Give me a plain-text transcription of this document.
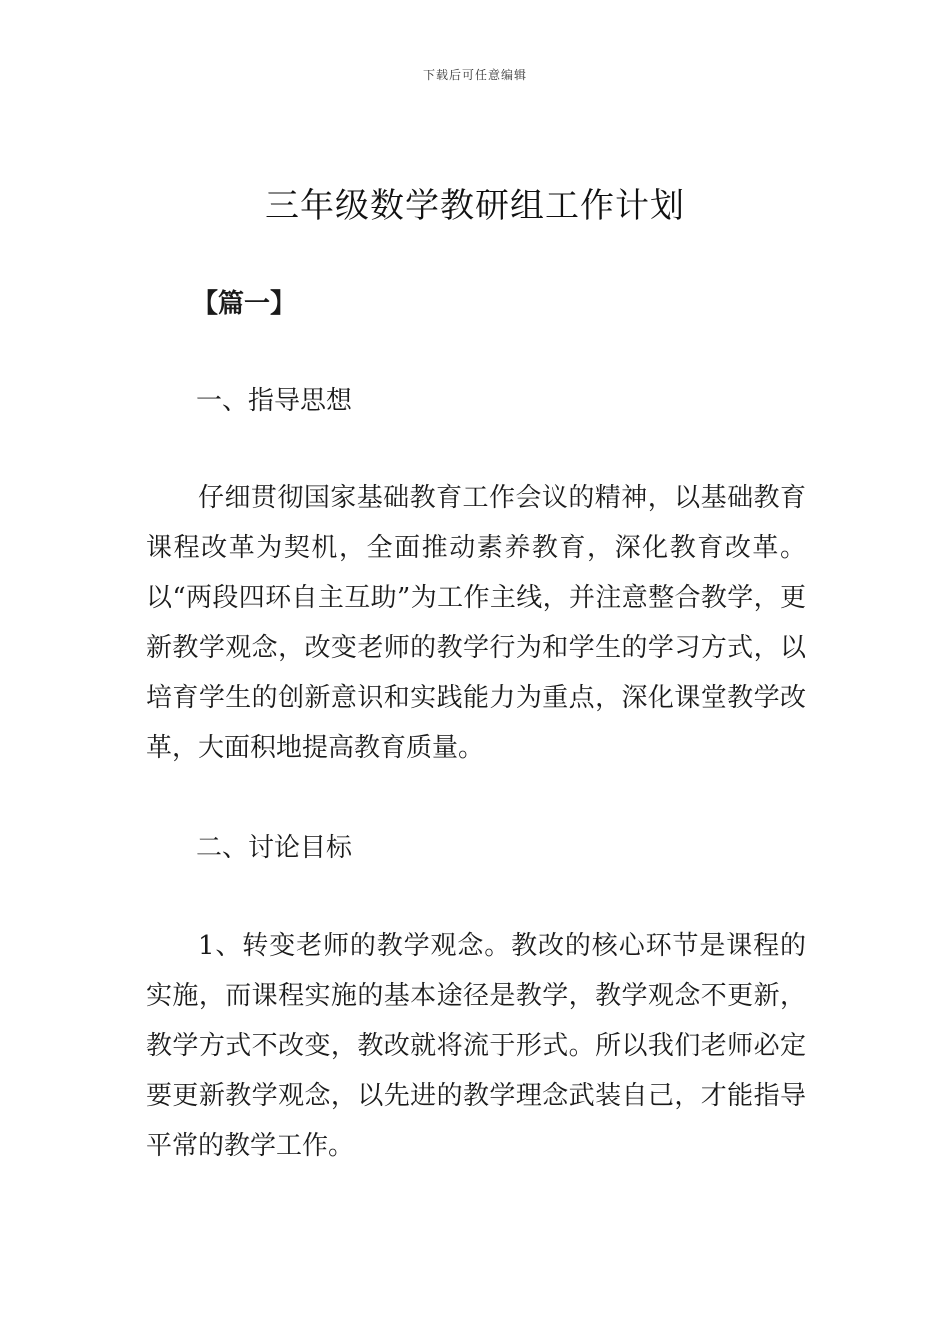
下载后可任意编辑
三年级数学教研组工作计划
【篇一】
一、指导思想

仔细贯彻国家基础教育工作会议的精神，以基础教育课程改革为契机，全面推动素养教育，深化教育改革。以“两段四环自主互助”为工作主线，并注意整合教学，更新教学观念，改变老师的教学行为和学生的学习方式，以培育学生的创新意识和实践能力为重点，深化课堂教学改革，大面积地提高教育质量。

二、讨论目标

1、转变老师的教学观念。教改的核心环节是课程的实施，而课程实施的基本途径是教学，教学观念不更新，教学方式不改变，教改就将流于形式。所以我们老师必定要更新教学观念，以先进的教学理念武装自己，才能指导平常的教学工作。
